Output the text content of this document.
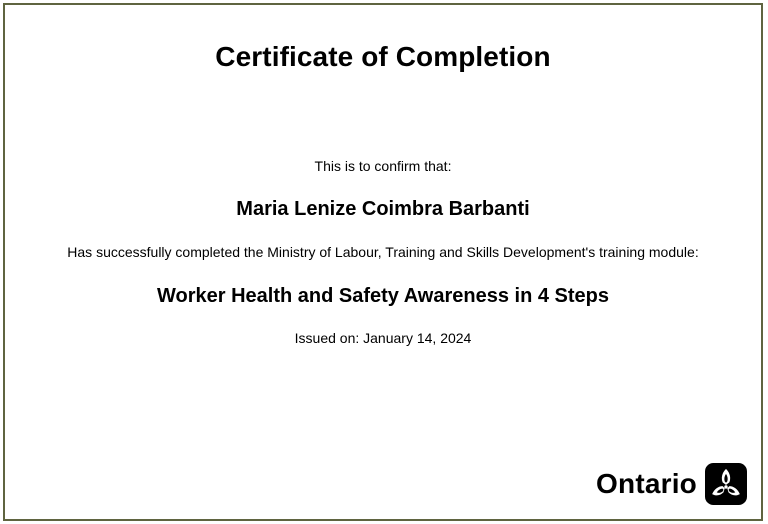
Certificate of Completion
This is to confirm that:
Maria Lenize Coimbra Barbanti
Has successfully completed the Ministry of Labour, Training and Skills Development's training module:
Worker Health and Safety Awareness in 4 Steps
Issued on: January 14, 2024
Ontario
